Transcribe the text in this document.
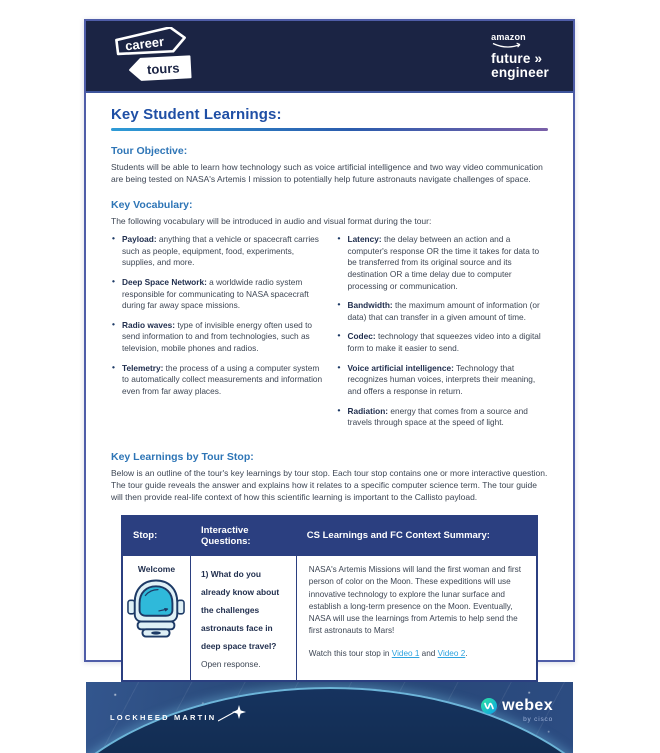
career
tours
amazon
future »
engineer
Key Student Learnings:
Tour Objective:

Students will be able to learn how technology such as voice artificial intelligence and two way video communication are being tested on NASA's Artemis I mission to potentially help future astronauts navigate challenges of space.

Key Vocabulary:

The following vocabulary will be introduced in audio and visual format during the tour:

• Payload: anything that a vehicle or spacecraft carries such as people, equipment, food, experiments, supplies, and more.
• Deep Space Network: a worldwide radio system responsible for communicating to NASA spacecraft during far away space missions.
• Radio waves: type of invisible energy often used to send information to and from technologies, such as television, mobile phones and radios.
• Telemetry: the process of a using a computer system to automatically collect measurements and information even from far away places.
• Latency: the delay between an action and a computer's response OR the time it takes for data to be transferred from its original source and its destination OR a time delay due to computer processing or communication.
• Bandwidth: the maximum amount of information (or data) that can transfer in a given amount of time.
• Codec: technology that squeezes video into a digital form to make it easier to send.
• Voice artificial intelligence: Technology that recognizes human voices, interprets their meaning, and offers a response in return.
• Radiation: energy that comes from a source and travels through space at the speed of light.
Key Learnings by Tour Stop:

Below is an outline of the tour's key learnings by tour stop. Each tour stop contains one or more interactive question. The tour guide reveals the answer and explains how it relates to a specific computer science term. The tour guide will then provide real-life context of how this scientific learning is important to the Callisto payload.

Stop:	Interactive Questions:	CS Learnings and FC Context Summary:

Welcome	1) What do you already know about the challenges astronauts face in deep space travel? Open response.	NASA's Artemis Missions will land the first woman and first person of color on the Moon. These expeditions will use innovative technology to explore the lunar surface and establish a long-term presence on the Moon. Eventually, NASA will use the learnings from Artemis to help send the first astronauts to Mars!

Watch this tour stop in Video 1 and Video 2.

LOCKHEED MARTIN
webex
by cisco
